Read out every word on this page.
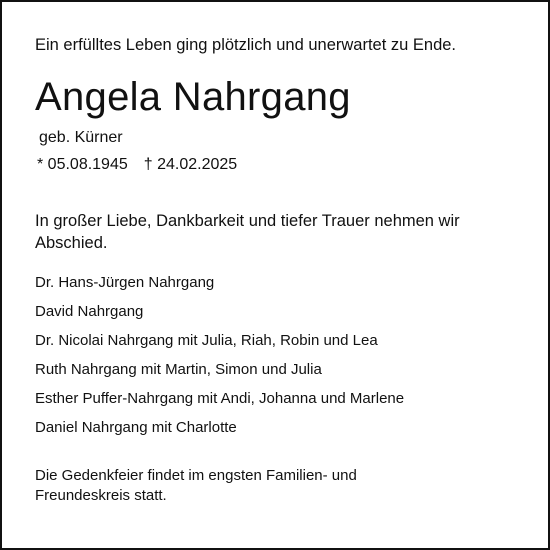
Ein erfülltes Leben ging plötzlich und unerwartet zu Ende.

Angela Nahrgang

geb. Kürner

* 05.08.1945 † 24.02.2025

In großer Liebe, Dankbarkeit und tiefer Trauer nehmen wir Abschied.

Dr. Hans-Jürgen Nahrgang
David Nahrgang
Dr. Nicolai Nahrgang mit Julia, Riah, Robin und Lea
Ruth Nahrgang mit Martin, Simon und Julia
Esther Puffer-Nahrgang mit Andi, Johanna und Marlene
Daniel Nahrgang mit Charlotte

Die Gedenkfeier findet im engsten Familien- und Freundeskreis statt.
